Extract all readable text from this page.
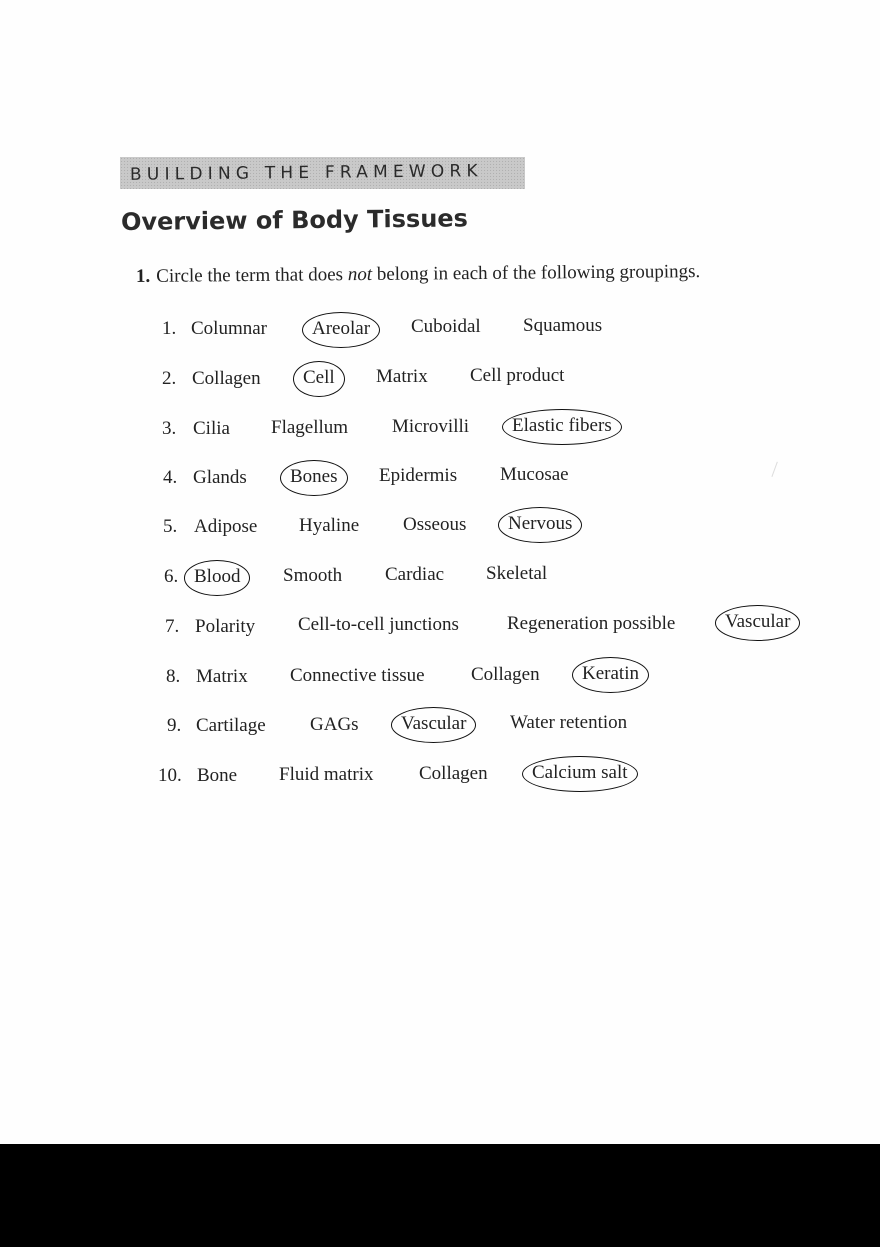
BUILDING THE FRAMEWORK
Overview of Body Tissues
1. Circle the term that does not belong in each of the following groupings.
1. Columnar Areolar Cuboidal Squamous
2. Collagen Cell Matrix Cell product
3. Cilia Flagellum Microvilli Elastic fibers
4. Glands Bones Epidermis Mucosae
5. Adipose Hyaline Osseous Nervous
6. Blood Smooth Cardiac Skeletal
7. Polarity Cell-to-cell junctions	Regeneration possible	Vascular
8. Matrix Connective tissue Collagen Keratin
9. Cartilage GAGs Vascular Water retention
10. Bone Fluid matrix Collagen Calcium salt
